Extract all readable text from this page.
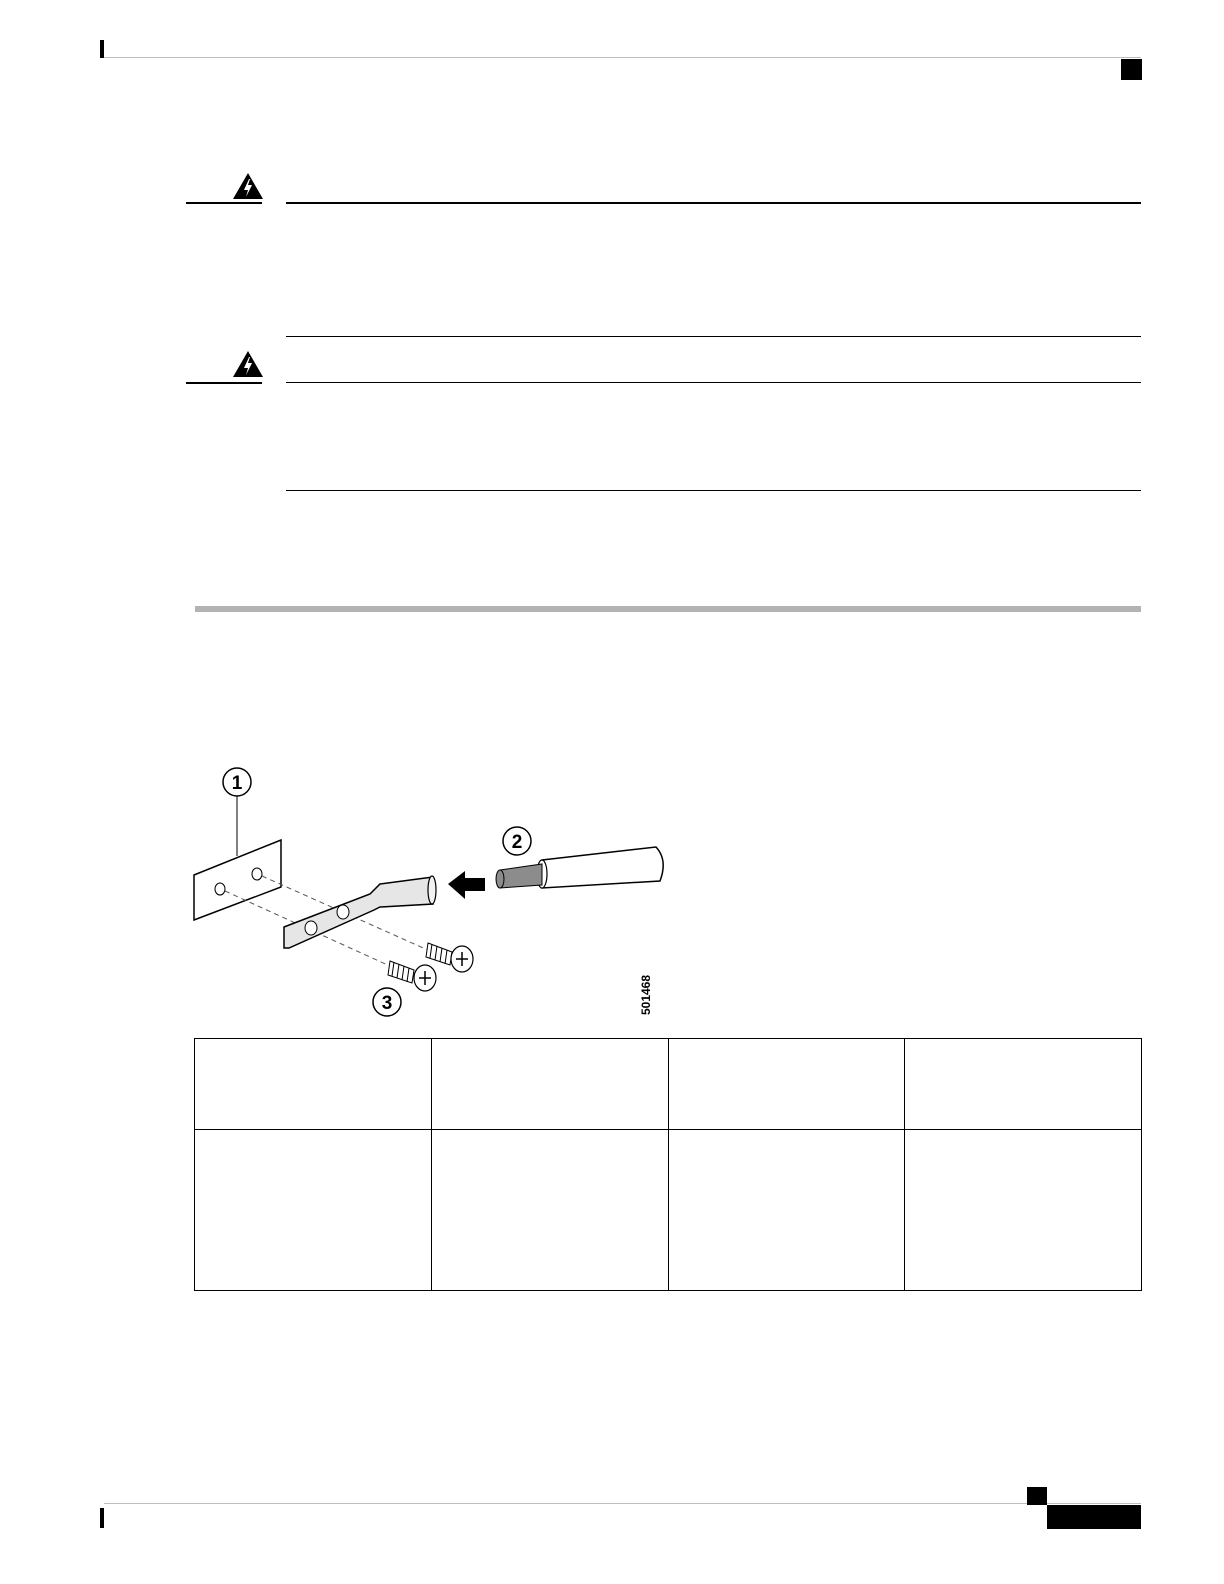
1
2
3	501468
